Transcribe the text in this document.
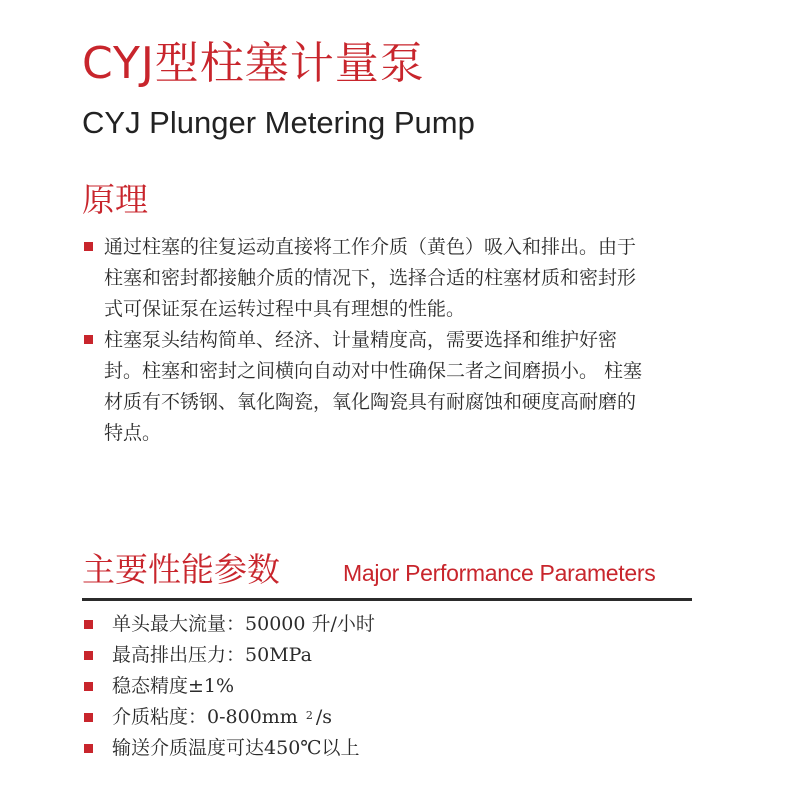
CYJ型柱塞计量泵
CYJ Plunger Metering Pump
原理
通过柱塞的往复运动直接将工作介质（黄色）吸入和排出。由于柱塞和密封都接触介质的情况下，选择合适的柱塞材质和密封形式可保证泵在运转过程中具有理想的性能。
柱塞泵头结构简单、经济、计量精度高，需要选择和维护好密封。柱塞和密封之间横向自动对中性确保二者之间磨损小。 柱塞材质有不锈钢、氧化陶瓷，氧化陶瓷具有耐腐蚀和硬度高耐磨的特点。
主要性能参数	Major Performance Parameters
单头最大流量：50000 升/小时
最高排出压力：50MPa
稳态精度±1%
介质粘度：0-800mm $^2$ /s
输送介质温度可达450℃以上
